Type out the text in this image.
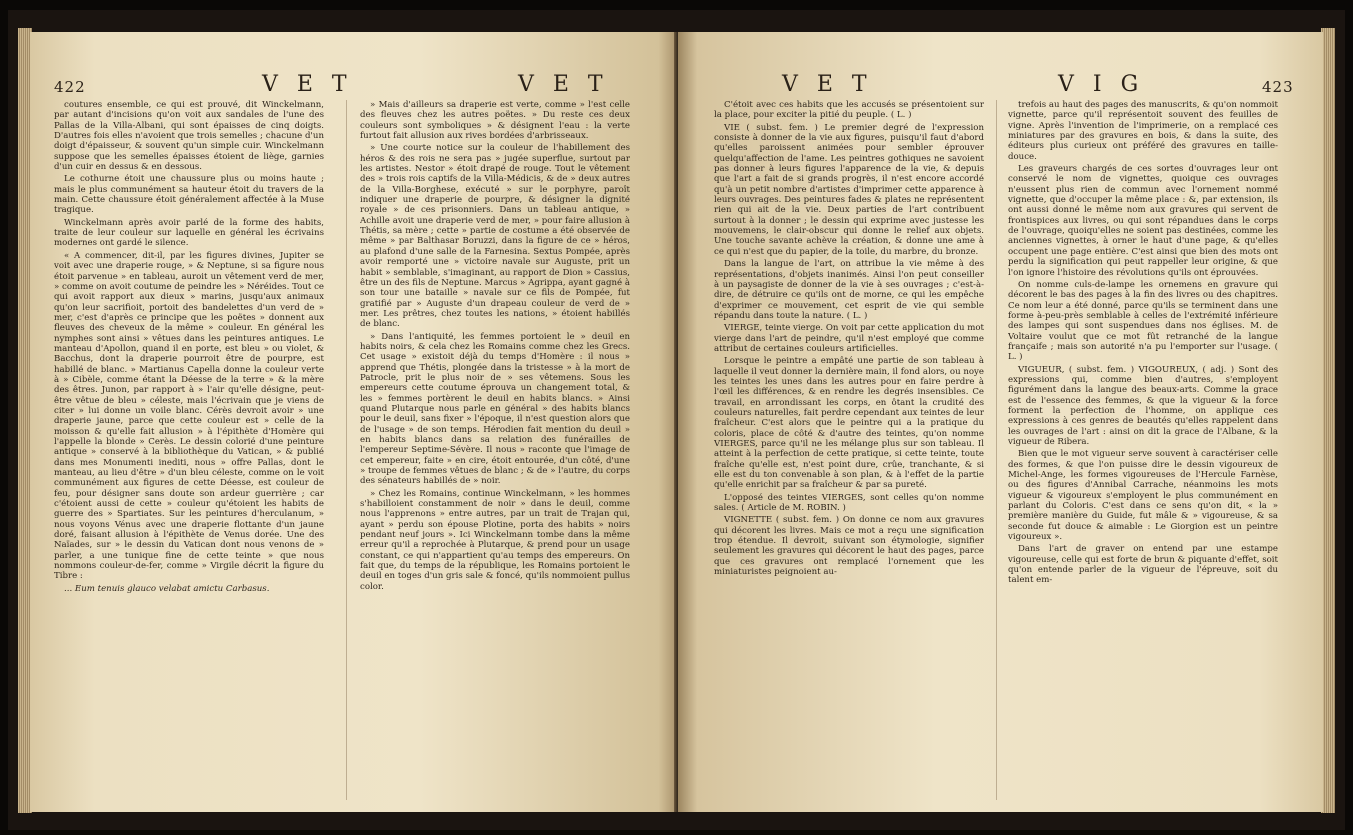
422	V E T	V E T

coutures ensemble, ce qui est prouvé, dit Winckelmann, par autant d'incisions qu'on voit aux sandales de l'une des Pallas de la Villa-Albani, qui sont épaisses de cinq doigts. D'autres fois elles n'avoient que trois semelles ; chacune d'un doigt d'épaisseur, & souvent qu'un simple cuir. Winckelmann suppose que les semelles épaisses étoient de liège, garnies d'un cuir en dessus & en dessous.

Le cothurne étoit une chaussure plus ou moins haute ; mais le plus communément sa hauteur étoit du travers de la main. Cette chaussure étoit généralement affectée à la Muse tragique.

Winckelmann après avoir parlé de la forme des habits, traite de leur couleur sur laquelle en général les écrivains modernes ont gardé le silence.

« A commencer, dit-il, par les figures divines, Jupiter se voit avec une draperie rouge, » & Neptune, si sa figure nous étoit parvenue » en tableau, auroit un vêtement verd de mer, » comme on avoit coutume de peindre les » Néréides. Tout ce qui avoit rapport aux dieux » marins, jusqu'aux animaux qu'on leur sacrifioit, portoit des bandelettes d'un verd de » mer, c'est d'après ce principe que les poëtes » donnent aux fleuves des cheveux de la même » couleur. En général les nymphes sont ainsi » vêtues dans les peintures antiques. Le manteau d'Apollon, quand il en porte, est bleu » ou violet, & Bacchus, dont la draperie pourroit être de pourpre, est habillé de blanc. » Martianus Capella donne la couleur verte à » Cibèle, comme étant la Déesse de la terre » & la mère des êtres. Junon, par rapport à » l'air qu'elle désigne, peut-être vêtue de bleu » céleste, mais l'écrivain que je viens de citer » lui donne un voile blanc. Cérès devroit avoir » une draperie jaune, parce que cette couleur est » celle de la moisson & qu'elle fait allusion » à l'épithète d'Homère qui l'appelle la blonde » Cerès. Le dessin colorié d'une peinture antique » conservé à la bibliothèque du Vatican, » & publié dans mes Monumenti inediti, nous » offre Pallas, dont le manteau, au lieu d'être » d'un bleu céleste, comme on le voit communément aux figures de cette Déesse, est couleur de feu, pour désigner sans doute son ardeur guerrière ; car c'étoient aussi de cette » couleur qu'étoient les habits de guerre des » Spartiates. Sur les peintures d'herculanum, » nous voyons Vénus avec une draperie flottante d'un jaune doré, faisant allusion à l'épithète de Venus dorée. Une des Naïades, sur » le dessin du Vatican dont nous venons de » parler, a une tunique fine de cette teinte » que nous nommons couleur-de-fer, comme » Virgile décrit la figure du Tibre :

... Eum tenuis glauco velabat amictu Carbasus.

» Mais d'ailleurs sa draperie est verte, comme » l'est celle des fleuves chez les autres poëtes. » Du reste ces deux couleurs sont symboliques » & désignent l'eau : la verte furtout fait allusion aux rives bordées d'arbrisseaux.

» Une courte notice sur la couleur de l'habillement des héros & des rois ne sera pas » jugée superflue, surtout par les artistes. Nestor » étoit drapé de rouge. Tout le vêtement des » trois rois captifs de la Villa-Médicis, & de » deux autres de la Villa-Borghese, exécuté » sur le porphyre, paroît indiquer une draperie de pourpre, & désigner la dignité royale » de ces prisonniers. Dans un tableau antique, » Achille avoit une draperie verd de mer, » pour faire allusion à Thétis, sa mère ; cette » partie de costume a été observée de même » par Balthasar Boruzzi, dans la figure de ce » héros, au plafond d'une salle de la Farnesina. Sextus Pompée, après avoir remporté une » victoire navale sur Auguste, prit un habit » semblable, s'imaginant, au rapport de Dion » Cassius, être un des fils de Neptune. Marcus » Agrippa, ayant gagné à son tour une bataille » navale sur ce fils de Pompée, fut gratifié par » Auguste d'un drapeau couleur de verd de » mer. Les prêtres, chez toutes les nations, » étoient habillés de blanc.

» Dans l'antiquité, les femmes portoient le » deuil en habits noirs, & cela chez les Romains comme chez les Grecs. Cet usage » existoit déjà du temps d'Homère : il nous » apprend que Thétis, plongée dans la tristesse » à la mort de Patrocle, prit le plus noir de » ses vêtemens. Sous les empereurs cette coutume éprouva un changement total, & les » femmes portèrent le deuil en habits blancs. » Ainsi quand Plutarque nous parle en général » des habits blancs pour le deuil, sans fixer » l'époque, il n'est question alors que de l'usage » de son temps. Hérodien fait mention du deuil » en habits blancs dans sa relation des funérailles de l'empereur Septime-Sévère. Il nous » raconte que l'image de cet empereur, faite » en cire, étoit entourée, d'un côté, d'une » troupe de femmes vêtues de blanc ; & de » l'autre, du corps des sénateurs habillés de » noir.

» Chez les Romains, continue Winckelmann, » les hommes s'habilloient constamment de noir » dans le deuil, comme nous l'apprenons » entre autres, par un trait de Trajan qui, ayant » perdu son épouse Plotine, porta des habits » noirs pendant neuf jours ». Ici Winckelmann tombe dans la même erreur qu'il a reprochée à Plutarque, & prend pour un usage constant, ce qui n'appartient qu'au temps des empereurs. On fait que, du temps de la république, les Romains portoient le deuil en toges d'un gris sale & foncé, qu'ils nommoient pullus color.

V E T	V I G	423

C'étoit avec ces habits que les accusés se présentoient sur la place, pour exciter la pitié du peuple. ( L. )

VIE ( subst. fem. ) Le premier degré de l'expression consiste à donner de la vie aux figures, puisqu'il faut d'abord qu'elles paroissent animées pour sembler éprouver quelqu'affection de l'ame. Les peintres gothiques ne savoient pas donner à leurs figures l'apparence de la vie, & depuis que l'art a fait de si grands progrès, il n'est encore accordé qu'à un petit nombre d'artistes d'imprimer cette apparence à leurs ouvrages. Des peintures fades & plates ne représentent rien qui ait de la vie. Deux parties de l'art contribuent surtout à la donner ; le dessin qui exprime avec justesse les mouvemens, le clair-obscur qui donne le relief aux objets. Une touche savante achève la création, & donne une ame à ce qui n'est que du papier, de la toile, du marbre, du bronze.

Dans la langue de l'art, on attribue la vie même à des représentations, d'objets inanimés. Ainsi l'on peut conseiller à un paysagiste de donner de la vie à ses ouvrages ; c'est-à-dire, de détruire ce qu'ils ont de morne, ce qui les empêche d'exprimer ce mouvement, cet esprit de vie qui semble répandu dans toute la nature. ( L. )

VIERGE, teinte vierge. On voit par cette application du mot vierge dans l'art de peindre, qu'il n'est employé que comme attribut de certaines couleurs artificielles.

Lorsque le peintre a empâté une partie de son tableau à laquelle il veut donner la dernière main, il fond alors, ou noye les teintes les unes dans les autres pour en faire perdre à l'œil les différences, & en rendre les degrés insensibles. Ce travail, en arrondissant les corps, en ôtant la crudité des couleurs naturelles, fait perdre cependant aux teintes de leur fraîcheur. C'est alors que le peintre qui a la pratique du coloris, place de côté & d'autre des teintes, qu'on nomme VIERGES, parce qu'il ne les mélange plus sur son tableau. Il atteint à la perfection de cette pratique, si cette teinte, toute fraîche qu'elle est, n'est point dure, crûe, tranchante, & si elle est du ton convenable à son plan, & à l'effet de la partie qu'elle enrichit par sa fraîcheur & par sa pureté.

L'opposé des teintes VIERGES, sont celles qu'on nomme sales. ( Article de M. ROBIN. )

VIGNETTE ( subst. fem. ) On donne ce nom aux gravures qui décorent les livres. Mais ce mot a reçu une signification trop étendue. Il devroit, suivant son étymologie, signifier seulement les gravures qui décorent le haut des pages, parce que ces gravures ont remplacé l'ornement que les miniaturistes peignoient au-

trefois au haut des pages des manuscrits, & qu'on nommoit vignette, parce qu'il représentoit souvent des feuilles de vigne. Après l'invention de l'imprimerie, on a remplacé ces miniatures par des gravures en bois, & dans la suite, des éditeurs plus curieux ont préféré des gravures en taille-douce.

Les graveurs chargés de ces sortes d'ouvrages leur ont conservé le nom de vignettes, quoique ces ouvrages n'eussent plus rien de commun avec l'ornement nommé vignette, que d'occuper la même place : &, par extension, ils ont aussi donné le même nom aux gravures qui servent de frontispices aux livres, ou qui sont répandues dans le corps de l'ouvrage, quoiqu'elles ne soient pas destinées, comme les anciennes vignettes, à orner le haut d'une page, & qu'elles occupent une page entière. C'est ainsi que bien des mots ont perdu la signification qui peut rappeller leur origine, & que l'on ignore l'histoire des révolutions qu'ils ont éprouvées.

On nomme culs-de-lampe les ornemens en gravure qui décorent le bas des pages à la fin des livres ou des chapitres. Ce nom leur a été donné, parce qu'ils se terminent dans une forme à-peu-près semblable à celles de l'extrémité inférieure des lampes qui sont suspendues dans nos églises. M. de Voltaire voulut que ce mot fût retranché de la langue françaife ; mais son autorité n'a pu l'emporter sur l'usage. ( L. )

VIGUEUR, ( subst. fem. ) VIGOUREUX, ( adj. ) Sont des expressions qui, comme bien d'autres, s'employent figurément dans la langue des beaux-arts. Comme la grace est de l'essence des femmes, & que la vigueur & la force forment la perfection de l'homme, on applique ces expressions à ces genres de beautés qu'elles rappelent dans les ouvrages de l'art : ainsi on dit la grace de l'Albane, & la vigueur de Ribera.

Bien que le mot vigueur serve souvent à caractériser celle des formes, & que l'on puisse dire le dessin vigoureux de Michel-Ange, les formes vigoureuses de l'Hercule Farnèse, ou des figures d'Annibal Carrache, néanmoins les mots vigueur & vigoureux s'employent le plus communément en parlant du Coloris. C'est dans ce sens qu'on dit, « la » première manière du Guide, fut mâle & » vigoureuse, & sa seconde fut douce & aimable : Le Giorgion est un peintre vigoureux ».

Dans l'art de graver on entend par une estampe vigoureuse, celle qui est forte de brun & piquante d'effet, soit qu'on entende parler de la vigueur de l'épreuve, soit du talent em-
